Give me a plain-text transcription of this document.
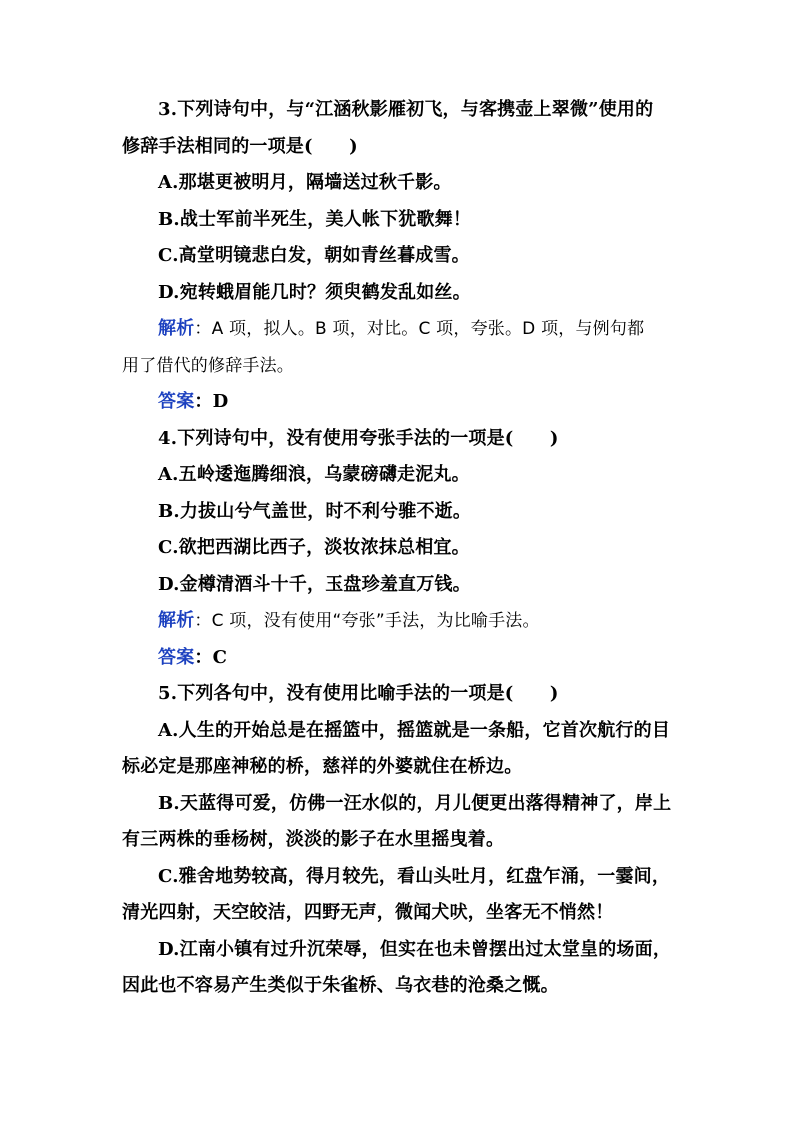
3.下列诗句中，与“江涵秋影雁初飞，与客携壶上翠微”使用的
修辞手法相同的一项是(　　)
A.那堪更被明月，隔墙送过秋千影。
B.战士军前半死生，美人帐下犹歌舞！
C.高堂明镜悲白发，朝如青丝暮成雪。
D.宛转蛾眉能几时？须臾鹤发乱如丝。
解析：A 项，拟人。B 项，对比。C 项，夸张。D 项，与例句都
用了借代的修辞手法。
答案：D
4.下列诗句中，没有使用夸张手法的一项是(　　)
A.五岭逶迤腾细浪，乌蒙磅礴走泥丸。
B.力拔山兮气盖世，时不利兮骓不逝。
C.欲把西湖比西子，淡妆浓抹总相宜。
D.金樽清酒斗十千，玉盘珍羞直万钱。
解析：C 项，没有使用“夸张”手法，为比喻手法。
答案：C
5.下列各句中，没有使用比喻手法的一项是(　　)
A.人生的开始总是在摇篮中，摇篮就是一条船，它首次航行的目
标必定是那座神秘的桥，慈祥的外婆就住在桥边。
B.天蓝得可爱，仿佛一汪水似的，月儿便更出落得精神了，岸上
有三两株的垂杨树，淡淡的影子在水里摇曳着。
C.雅舍地势较高，得月较先，看山头吐月，红盘乍涌，一霎间，
清光四射，天空皎洁，四野无声，微闻犬吠，坐客无不悄然！
D.江南小镇有过升沉荣辱，但实在也未曾摆出过太堂皇的场面，
因此也不容易产生类似于朱雀桥、乌衣巷的沧桑之慨。
